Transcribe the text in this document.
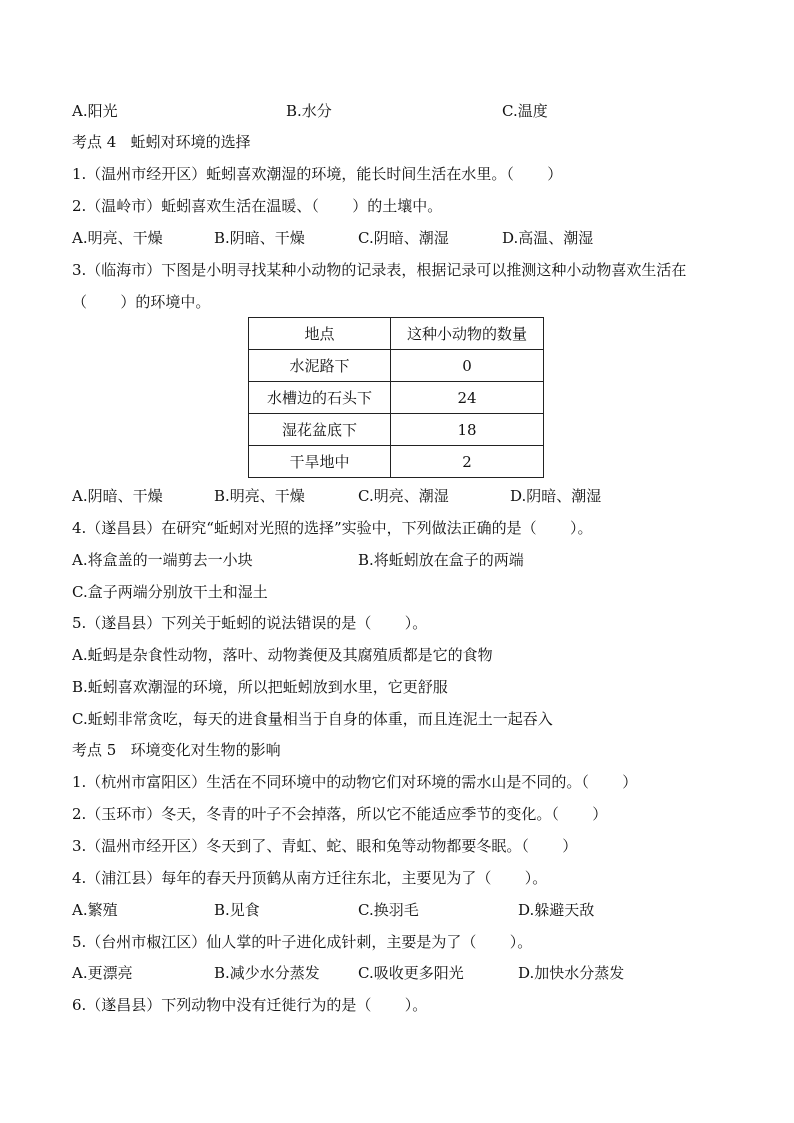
A.阳光	B.水分	C.温度
考点 4   蚯蚓对环境的选择
1.（温州市经开区）蚯蚓喜欢潮湿的环境，能长时间生活在水里。（       ）
2.（温岭市）蚯蚓喜欢生活在温暖、（       ）的土壤中。
A.明亮、干燥	B.阴暗、干燥	C.阴暗、潮湿	D.高温、潮湿
3.（临海市）下图是小明寻找某种小动物的记录表，根据记录可以推测这种小动物喜欢生活在
（       ）的环境中。
地点	这种小动物的数量
水泥路下	0
水槽边的石头下	24
湿花盆底下	18
干旱地中	2
A.阴暗、干燥	B.明亮、干燥	C.明亮、潮湿	D.阴暗、潮湿
4.（遂昌县）在研究“蚯蚓对光照的选择”实验中，下列做法正确的是（       ）。
A.将盒盖的一端剪去一小块	B.将蚯蚓放在盒子的两端
C.盒子两端分别放干土和湿土
5.（遂昌县）下列关于蚯蚓的说法错误的是（       ）。
A.蚯蚂是杂食性动物，落叶、动物粪便及其腐殖质都是它的食物
B.蚯蚓喜欢潮湿的环境，所以把蚯蚓放到水里，它更舒服
C.蚯蚓非常贪吃，每天的进食量相当于自身的体重，而且连泥土一起吞入
考点 5   环境变化对生物的影响
1.（杭州市富阳区）生活在不同环境中的动物它们对环境的需水山是不同的。（       ）
2.（玉环市）冬天，冬青的叶子不会掉落，所以它不能适应季节的变化。（       ）
3.（温州市经开区）冬天到了、青虹、蛇、眼和兔等动物都要冬眠。（       ）
4.（浦江县）每年的春天丹顶鹤从南方迁往东北，主要见为了（       ）。
A.繁殖	B.见食	C.换羽毛	D.躲避天敌
5.（台州市椒江区）仙人掌的叶子进化成针刺，主要是为了（       ）。
A.更漂亮	B.减少水分蒸发	C.吸收更多阳光	D.加快水分蒸发
6.（遂昌县）下列动物中没有迁徙行为的是（       ）。
